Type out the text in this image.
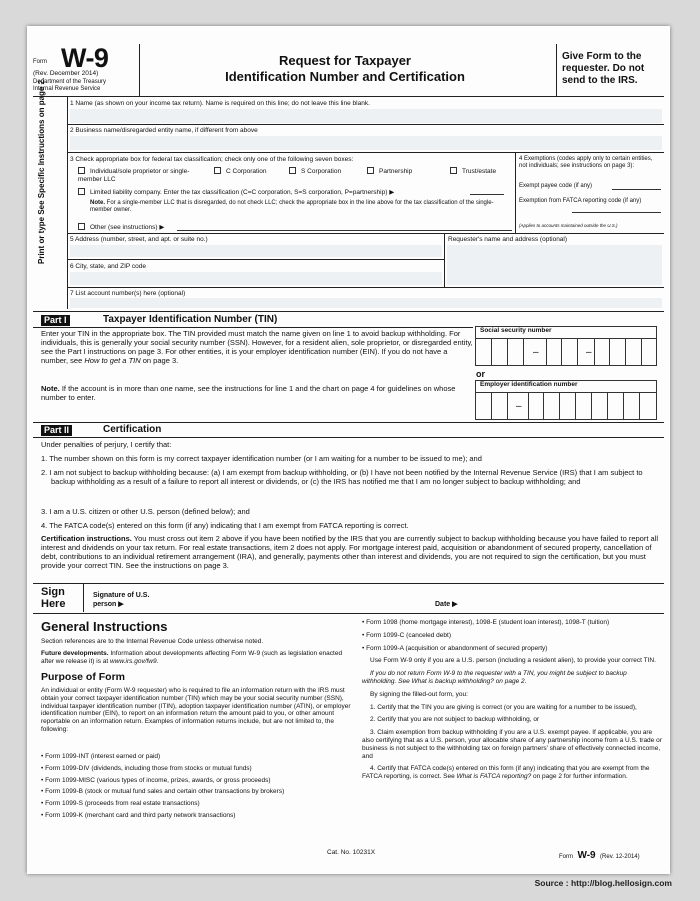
Form W-9
(Rev. December 2014)
Department of the Treasury
Internal Revenue Service
Request for Taxpayer
Identification Number and Certification
Give Form to the requester. Do not send to the IRS.
Print or type See Specific Instructions on page 2.	1 Name (as shown on your income tax return). Name is required on this line; do not leave this line blank.
2 Business name/disregarded entity name, if different from above
3 Check appropriate box for federal tax classification; check only one of the following seven boxes:
Individual/sole proprietor or single-member LLC
C Corporation	S Corporation	Partnership	Trust/estate
Limited liability company. Enter the tax classification (C=C corporation, S=S corporation, P=partnership) ▶
Note. For a single-member LLC that is disregarded, do not check LLC; check the appropriate box in the line above for the tax classification of the single-member owner.
Other (see instructions) ▶
4 Exemptions (codes apply only to certain entities, not individuals; see instructions on page 3):
Exempt payee code (if any)
Exemption from FATCA reporting code (if any)
(Applies to accounts maintained outside the U.S.)
5 Address (number, street, and apt. or suite no.)	Requester's name and address (optional)
6 City, state, and ZIP code
7 List account number(s) here (optional)
Part I	Taxpayer Identification Number (TIN)
Enter your TIN in the appropriate box. The TIN provided must match the name given on line 1 to avoid backup withholding. For individuals, this is generally your social security number (SSN). However, for a resident alien, sole proprietor, or disregarded entity, see the Part I instructions on page 3. For other entities, it is your employer identification number (EIN). If you do not have a number, see How to get a TIN on page 3.
Note. If the account is in more than one name, see the instructions for line 1 and the chart on page 4 for guidelines on whose number to enter.
Social security number
–	–
or
Employer identification number
–
Part II	Certification
Under penalties of perjury, I certify that:
1. The number shown on this form is my correct taxpayer identification number (or I am waiting for a number to be issued to me); and
2. I am not subject to backup withholding because: (a) I am exempt from backup withholding, or (b) I have not been notified by the Internal Revenue Service (IRS) that I am subject to backup withholding as a result of a failure to report all interest or dividends, or (c) the IRS has notified me that I am no longer subject to backup withholding; and
3. I am a U.S. citizen or other U.S. person (defined below); and
4. The FATCA code(s) entered on this form (if any) indicating that I am exempt from FATCA reporting is correct.
Certification instructions. You must cross out item 2 above if you have been notified by the IRS that you are currently subject to backup withholding because you have failed to report all interest and dividends on your tax return. For real estate transactions, item 2 does not apply. For mortgage interest paid, acquisition or abandonment of secured property, cancellation of debt, contributions to an individual retirement arrangement (IRA), and generally, payments other than interest and dividends, you are not required to sign the certification, but you must provide your correct TIN. See the instructions on page 3.
Sign Here
Signature of U.S. person ▶	Date ▶
General Instructions
Section references are to the Internal Revenue Code unless otherwise noted.
Future developments. Information about developments affecting Form W-9 (such as legislation enacted after we release it) is at www.irs.gov/fw9.
Purpose of Form
An individual or entity (Form W-9 requester) who is required to file an information return with the IRS must obtain your correct taxpayer identification number (TIN) which may be your social security number (SSN), individual taxpayer identification number (ITIN), adoption taxpayer identification number (ATIN), or employer identification number (EIN), to report on an information return the amount paid to you, or other amount reportable on an information return. Examples of information returns include, but are not limited to, the following:

• Form 1099-INT (interest earned or paid)

• Form 1099-DIV (dividends, including those from stocks or mutual funds)

• Form 1099-MISC (various types of income, prizes, awards, or gross proceeds)

• Form 1099-B (stock or mutual fund sales and certain other transactions by brokers)

• Form 1099-S (proceeds from real estate transactions)

• Form 1099-K (merchant card and third party network transactions)

• Form 1098 (home mortgage interest), 1098-E (student loan interest), 1098-T (tuition)

• Form 1099-C (canceled debt)

• Form 1099-A (acquisition or abandonment of secured property)

Use Form W-9 only if you are a U.S. person (including a resident alien), to provide your correct TIN.

If you do not return Form W-9 to the requester with a TIN, you might be subject to backup withholding. See What is backup withholding? on page 2.

By signing the filled-out form, you:

1. Certify that the TIN you are giving is correct (or you are waiting for a number to be issued),

2. Certify that you are not subject to backup withholding, or

3. Claim exemption from backup withholding if you are a U.S. exempt payee. If applicable, you are also certifying that as a U.S. person, your allocable share of any partnership income from a U.S. trade or business is not subject to the withholding tax on foreign partners' share of effectively connected income, and

4. Certify that FATCA code(s) entered on this form (if any) indicating that you are exempt from the FATCA reporting, is correct. See What is FATCA reporting? on page 2 for further information.

Cat. No. 10231X
Form W-9 (Rev. 12-2014)
Source : http://blog.hellosign.com
